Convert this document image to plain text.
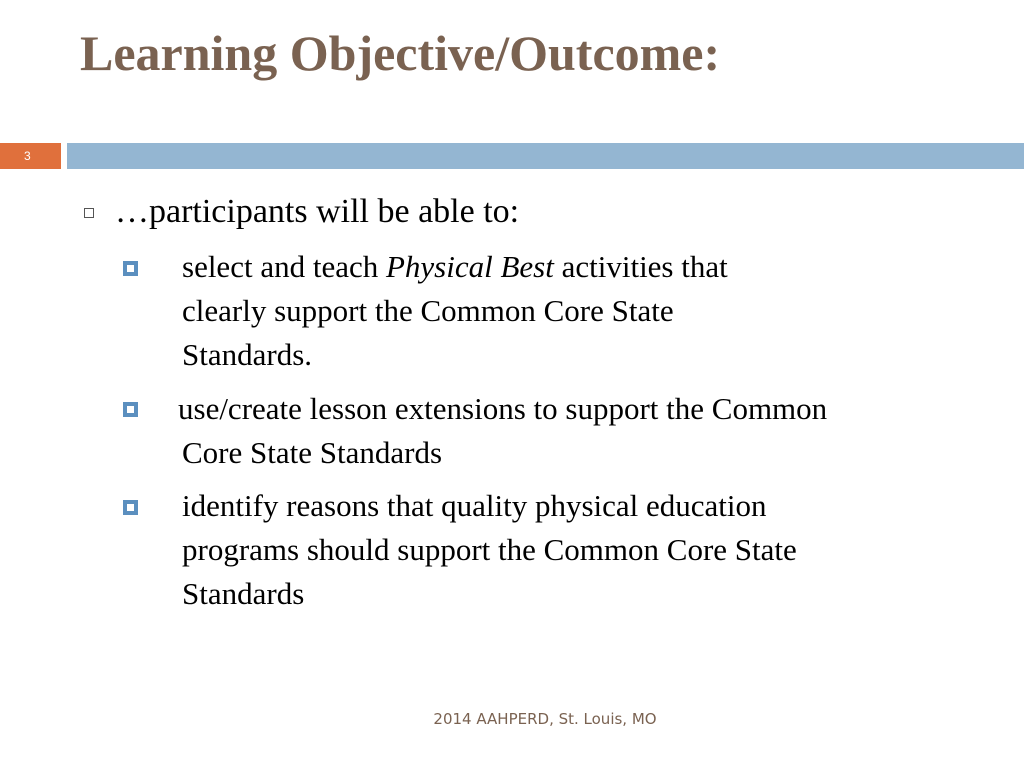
Learning Objective/Outcome:
3
…participants will be able to:
select and teach Physical Best activities that
clearly support the Common Core State
Standards.
use/create lesson extensions to support the Common
Core State Standards
identify reasons that quality physical education
programs should support the Common Core State
Standards
2014 AAHPERD, St. Louis, MO
